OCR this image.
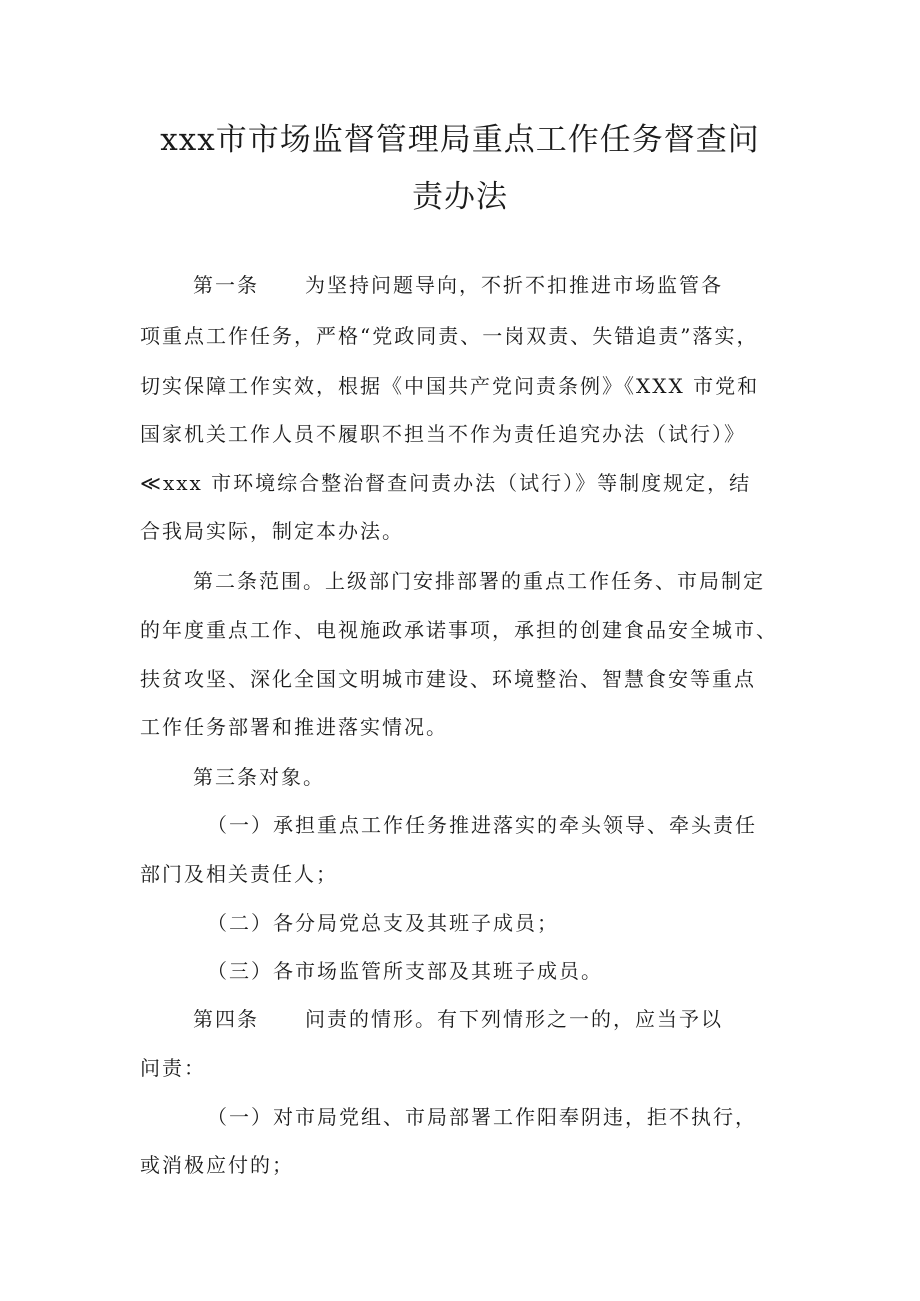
xxx市市场监督管理局重点工作任务督查问
责办法
第一条 为坚持问题导向，不折不扣推进市场监管各
项重点工作任务，严格“党政同责、一岗双责、失错追责”落实，
切实保障工作实效，根据《中国共产党问责条例》《XXX 市党和
国家机关工作人员不履职不担当不作为责任追究办法（试行）》
≪xxx 市环境综合整治督查问责办法（试行）》等制度规定，结
合我局实际，制定本办法。
第二条范围。上级部门安排部署的重点工作任务、市局制定
的年度重点工作、电视施政承诺事项，承担的创建食品安全城市、
扶贫攻坚、深化全国文明城市建设、环境整治、智慧食安等重点
工作任务部署和推进落实情况。
第三条对象。
（一）承担重点工作任务推进落实的牵头领导、牵头责任
部门及相关责任人；
（二）各分局党总支及其班子成员；
（三）各市场监管所支部及其班子成员。
第四条 问责的情形。有下列情形之一的，应当予以
问责：
（一）对市局党组、市局部署工作阳奉阴违，拒不执行，
或消极应付的；
